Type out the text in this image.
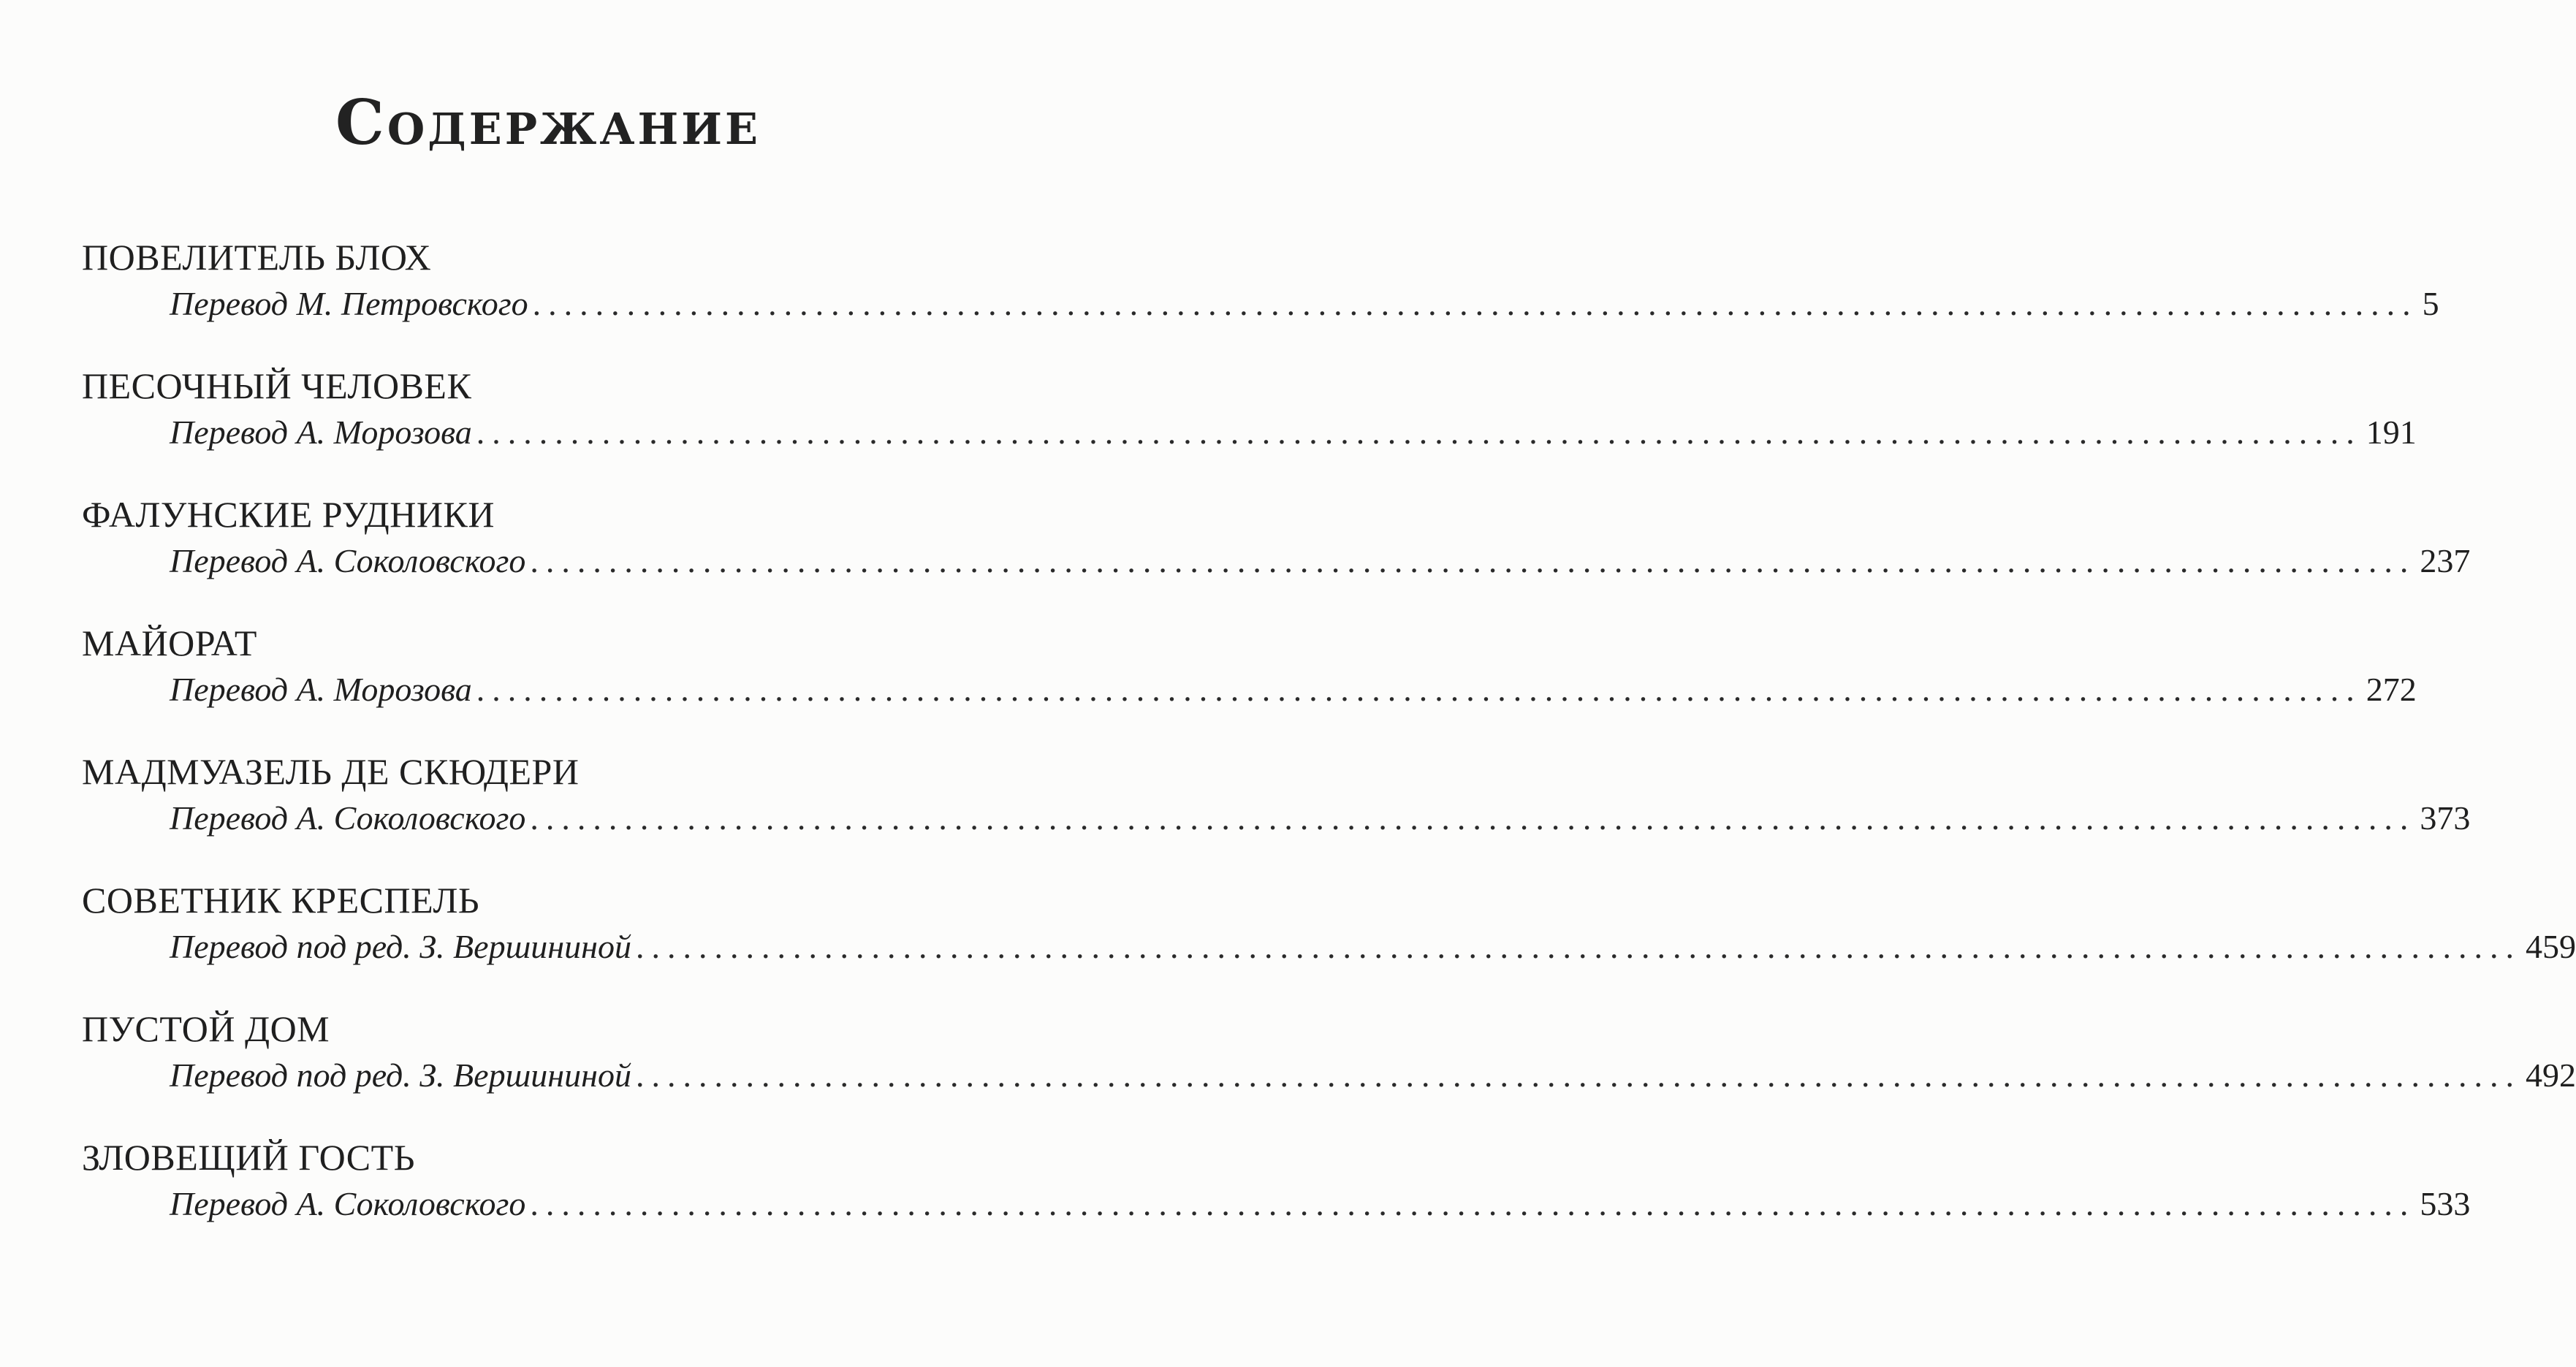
Содержание
ПОВЕЛИТЕЛЬ БЛОХ
Перевод М. Петровского ........................................................................................................................ 5
ПЕСОЧНЫЙ ЧЕЛОВЕК
Перевод А. Морозова ........................................................................................................................ 191
ФАЛУНСКИЕ РУДНИКИ
Перевод А. Соколовского ........................................................................................................................ 237
МАЙОРАТ
Перевод А. Морозова ........................................................................................................................ 272
МАДМУАЗЕЛЬ ДЕ СКЮДЕРИ
Перевод А. Соколовского ........................................................................................................................ 373
СОВЕТНИК КРЕСПЕЛЬ
Перевод под ред. З. Вершининой ........................................................................................................................ 459
ПУСТОЙ ДОМ
Перевод под ред. З. Вершининой ........................................................................................................................ 492
ЗЛОВЕЩИЙ ГОСТЬ
Перевод А. Соколовского ........................................................................................................................ 533
